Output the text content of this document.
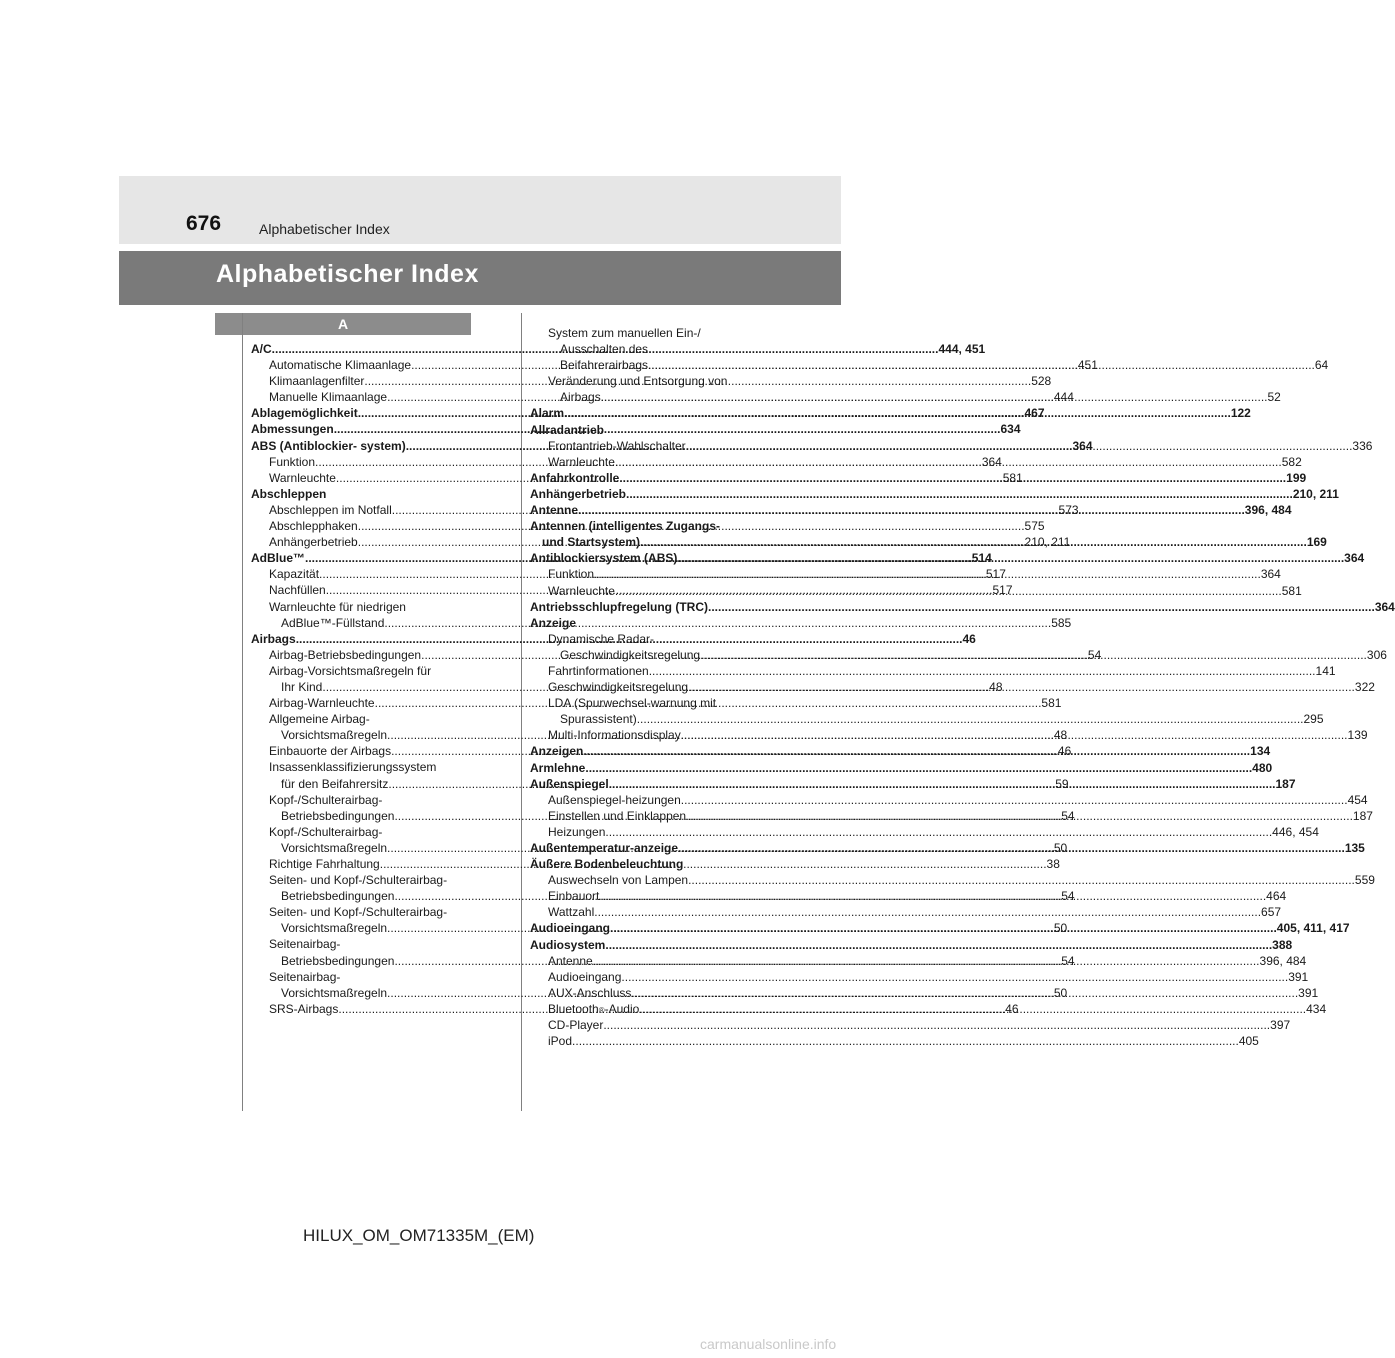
676	Alphabetischer Index
Alphabetischer Index
A
A/C .....	444, 451
Automatische Klimaanlage .....	451
Klimaanlagenfilter .....	528
Manuelle Klimaanlage .....	444
Ablagemöglichkeit .....	467
Abmessungen .....	634
ABS (Antiblockier- system) .....	364
Funktion .....	364
Warnleuchte .....	581
Abschleppen
Abschleppen im Notfall .....	573
Abschlepphaken .....	575
Anhängerbetrieb .....	210, 211
AdBlue™ .....	514
Kapazität .....	517
Nachfüllen .....	517
Warnleuchte für niedrigen
AdBlue™-Füllstand .....	585
Airbags .....	46
Airbag-Betriebsbedingungen .....	54
Airbag-Vorsichtsmaßregeln für
Ihr Kind .....	48
Airbag-Warnleuchte .....	581
Allgemeine Airbag-
Vorsichtsmaßregeln .....	48
Einbauorte der Airbags .....	46
Insassenklassifizierungssystem
für den Beifahrersitz .....	59
Kopf-/Schulterairbag-
Betriebsbedingungen .....	54
Kopf-/Schulterairbag-
Vorsichtsmaßregeln .....	50
Richtige Fahrhaltung .....	38
Seiten- und Kopf-/Schulterairbag-
Betriebsbedingungen .....	54
Seiten- und Kopf-/Schulterairbag-
Vorsichtsmaßregeln .....	50
Seitenairbag-
Betriebsbedingungen .....	54
Seitenairbag-
Vorsichtsmaßregeln .....	50
SRS-Airbags .....	46
System zum manuellen Ein-/
Ausschalten des
Beifahrerairbags .....	64
Veränderung und Entsorgung von
Airbags .....	52
Alarm .....	122
Allradantrieb
Frontantrieb-Wahlschalter .....	336
Warnleuchte .....	582
Anfahrkontrolle .....	199
Anhängerbetrieb .....	210, 211
Antenne .....	396, 484
Antennen (intelligentes Zugangs-
und Startsystem) .....	169
Antiblockiersystem (ABS) .....	364
Funktion .....	364
Warnleuchte .....	581
Antriebsschlupfregelung (TRC) .....	364
Anzeige
Dynamische Radar-
Geschwindigkeitsregelung .....	306
Fahrtinformationen .....	141
Geschwindigkeitsregelung .....	322
LDA (Spurwechsel-warnung mit
Spurassistent) .....	295
Multi-Informationsdisplay .....	139
Anzeigen .....	134
Armlehne .....	480
Außenspiegel .....	187
Außenspiegel-heizungen .....	454
Einstellen und Einklappen .....	187
Heizungen .....	446, 454
Außentemperatur-anzeige .....	135
Äußere Bodenbeleuchtung
Auswechseln von Lampen .....	559
Einbauort .....	464
Wattzahl .....	657
Audioeingang .....	405, 411, 417
Audiosystem .....	388
Antenne .....	396, 484
Audioeingang .....	391
AUX-Anschluss .....	391
Bluetooth ® -Audio .....	434
CD-Player .....	397
iPod .....	405
HILUX_OM_OM71335M_(EM)
carmanualsonline.info
